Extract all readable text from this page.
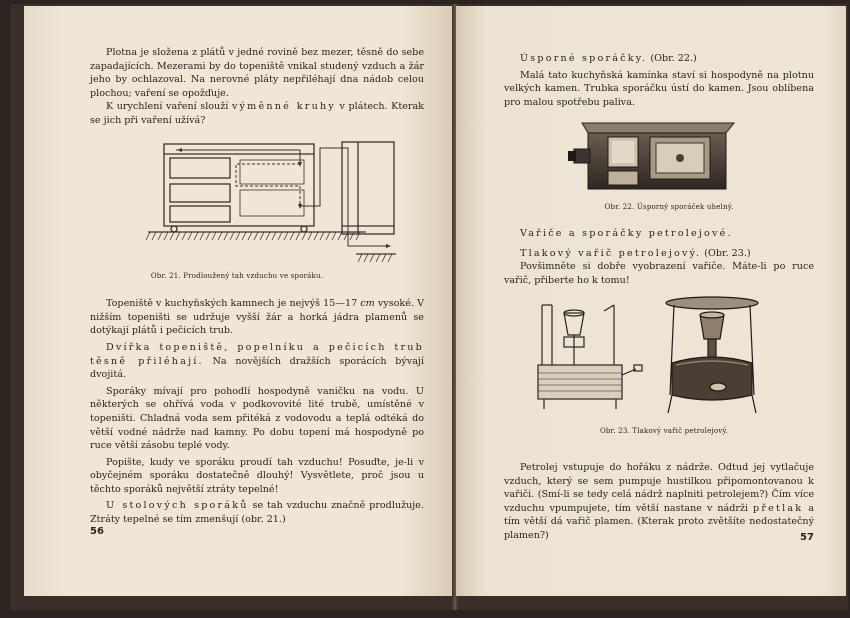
Plotna je složena z plátů v jedné rovině bez mezer, těsně do sebe zapadajících. Mezerami by do topeniště vnikal studený vzduch a žár jeho by ochlazoval. Na nerovné pláty nepřiléhají dna nádob celou plochou; vaření se opožďuje.

K urychlení vaření slouží výměnné kruhy v plátech. Kterak se jich při vaření užívá?

Obr. 21. Prodloužený tah vzduchu ve sporáku.

Topeniště v kuchyňských kamnech je nejvýš 15—17 cm vysoké. V nižším topeništi se udržuje vyšší žár a horká jádra plamenů se dotýkají plátů i pečicích trub.

Dvířka topeniště, popelníku a pečicích trub těsně přiléhají. Na novějších dražších sporácích bývají dvojitá.

Sporáky mívají pro pohodlí hospodyně vaničku na vodu. U některých se ohřívá voda v podkovovité lité trubě, umístěné v topeništi. Chladná voda sem přitéká z vodovodu a teplá odtéká do větší vodné nádrže nad kamny. Po dobu topení má hospodyně po ruce větší zásobu teplé vody.

Popište, kudy ve sporáku proudí tah vzduchu! Posuďte, je-li v obyčejném sporáku dostatečně dlouhý! Vysvětlete, proč jsou u těchto sporáků největší ztráty tepelné!

U stolových sporáků se tah vzduchu značně prodlužuje. Ztráty tepelné se tím zmenšují (obr. 21.)

56

Úsporné sporáčky. (Obr. 22.)

Malá tato kuchyňská kamínka staví si hospodyně na plotnu velkých kamen. Trubka sporáčku ústí do kamen. Jsou oblíbena pro malou spotřebu paliva.

Obr. 22. Úsporný sporáček uhelný.

Vařiče a sporáčky petrolejové.

Tlakový vařič petrolejový. (Obr. 23.)

Povšimněte si dobře vyobrazení vařiče. Máte-li po ruce vařič, přiberte ho k tomu!

Obr. 23. Tlakový vařič petrolejový.

Petrolej vstupuje do hořáku z nádrže. Odtud jej vytlačuje vzduch, který se sem pumpuje hustilkou připomontovanou k vařiči. (Smí-li se tedy celá nádrž naplniti petrolejem?) Čím více vzduchu vpumpujete, tím větší nastane v nádrži přetlak a tím větší dá vařič plamen. (Kterak proto zvětšíte nedostatečný plamen?)	57
